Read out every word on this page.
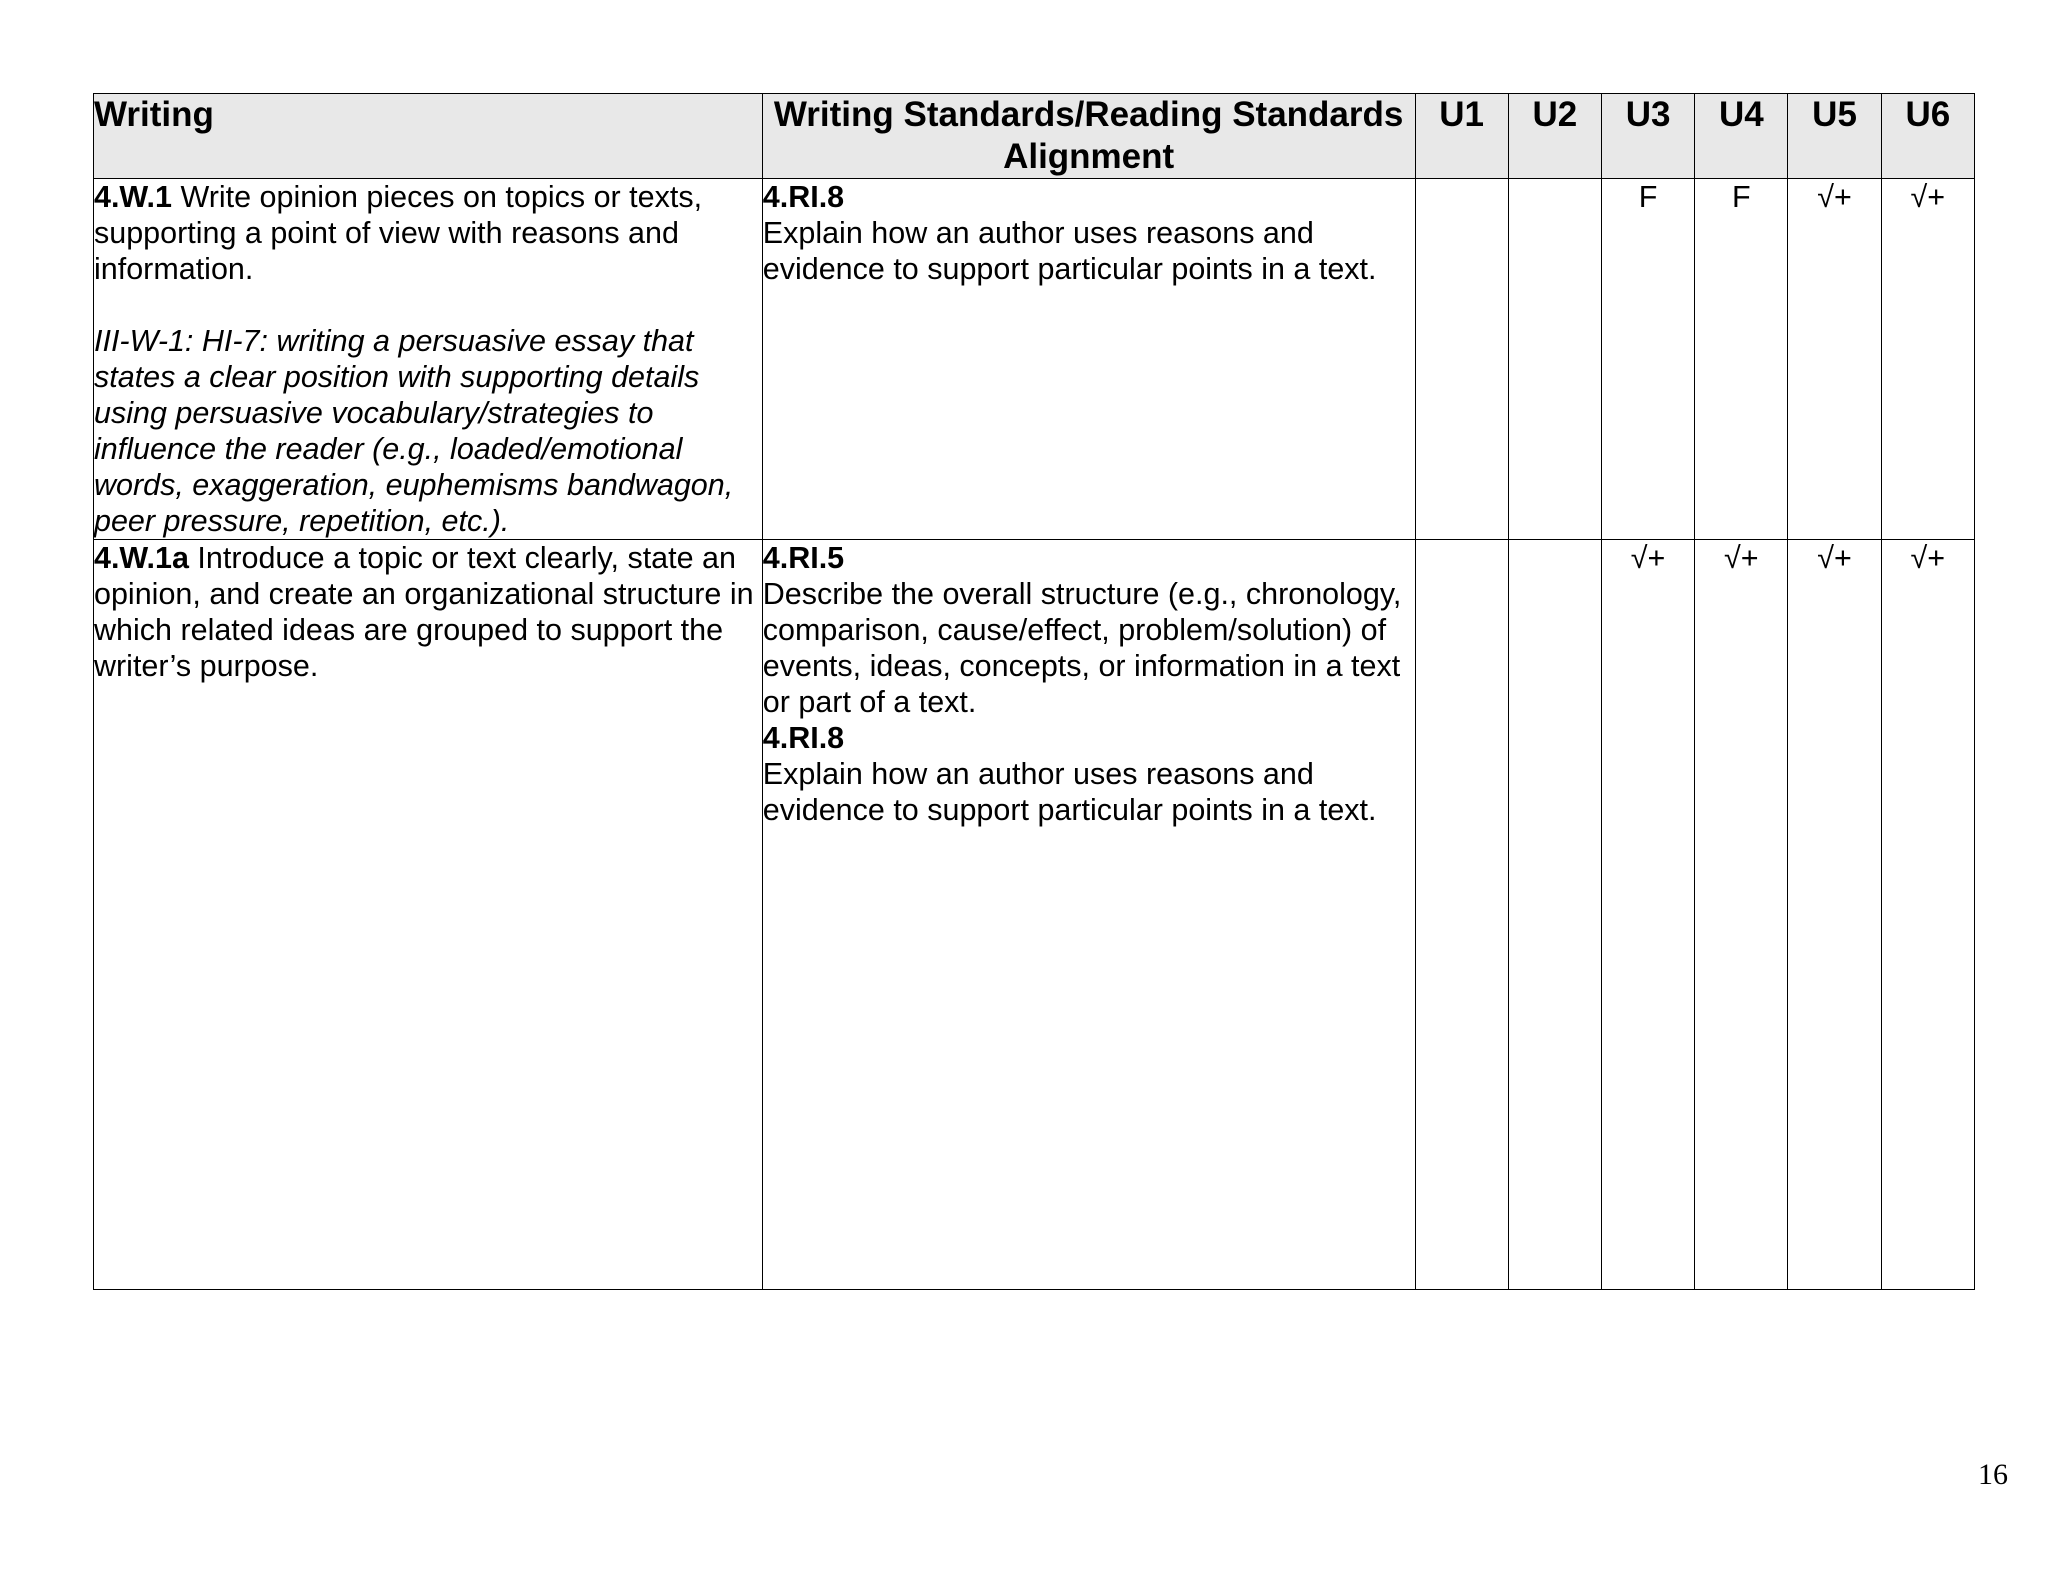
Writing	Writing Standards/Reading Standards Alignment	U1	U2	U3	U4	U5	U6
4.W.1 Write opinion pieces on topics or texts, supporting a point of view with reasons and information.
III-W-1: HI-7: writing a persuasive essay that states a clear position with supporting details using persuasive vocabulary/strategies to influence the reader (e.g., loaded/emotional words, exaggeration, euphemisms bandwagon, peer pressure, repetition, etc.).	4.RI.8
Explain how an author uses reasons and evidence to support particular points in a text.			F	F	√+	√+
4.W.1a Introduce a topic or text clearly, state an opinion, and create an organizational structure in which related ideas are grouped to support the writer’s purpose.	4.RI.5
Describe the overall structure (e.g., chronology, comparison, cause/effect, problem/solution) of events, ideas, concepts, or information in a text or part of a text.
4.RI.8
Explain how an author uses reasons and evidence to support particular points in a text.			√+	√+	√+	√+
16
